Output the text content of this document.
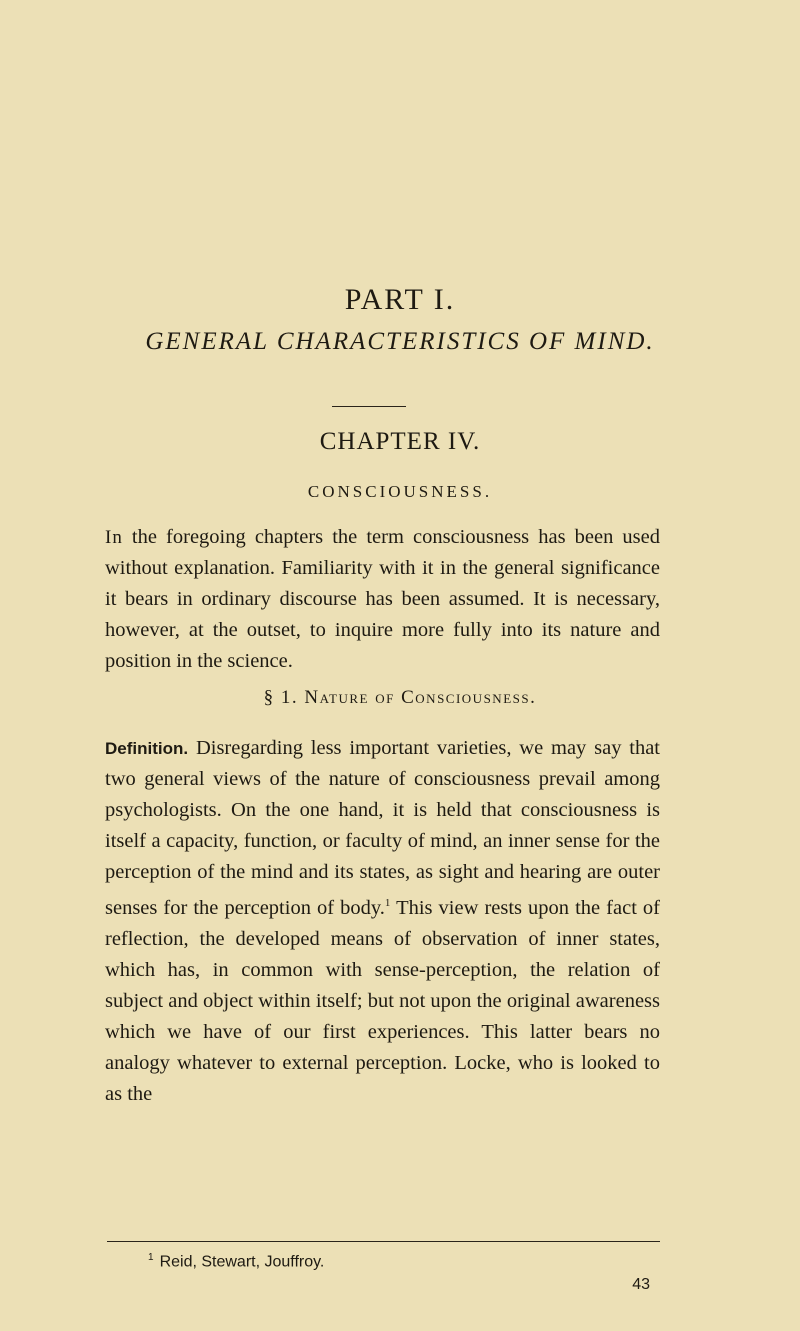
PART I.
GENERAL CHARACTERISTICS OF MIND.
CHAPTER IV.
CONSCIOUSNESS.
In the foregoing chapters the term consciousness has been used without explanation. Familiarity with it in the general significance it bears in ordinary discourse has been assumed. It is necessary, however, at the outset, to inquire more fully into its nature and position in the science.
§ 1. Nature of Consciousness.
Definition. Disregarding less important varieties, we may say that two general views of the nature of consciousness prevail among psychologists. On the one hand, it is held that consciousness is itself a capacity, function, or faculty of mind, an inner sense for the perception of the mind and its states, as sight and hearing are outer senses for the perception of body.$^1$ This view rests upon the fact of reflection, the developed means of observation of inner states, which has, in common with sense-perception, the relation of subject and object within itself; but not upon the original awareness which we have of our first experiences. This latter bears no analogy whatever to external perception. Locke, who is looked to as the
$^1$ Reid, Stewart, Jouffroy.
43
